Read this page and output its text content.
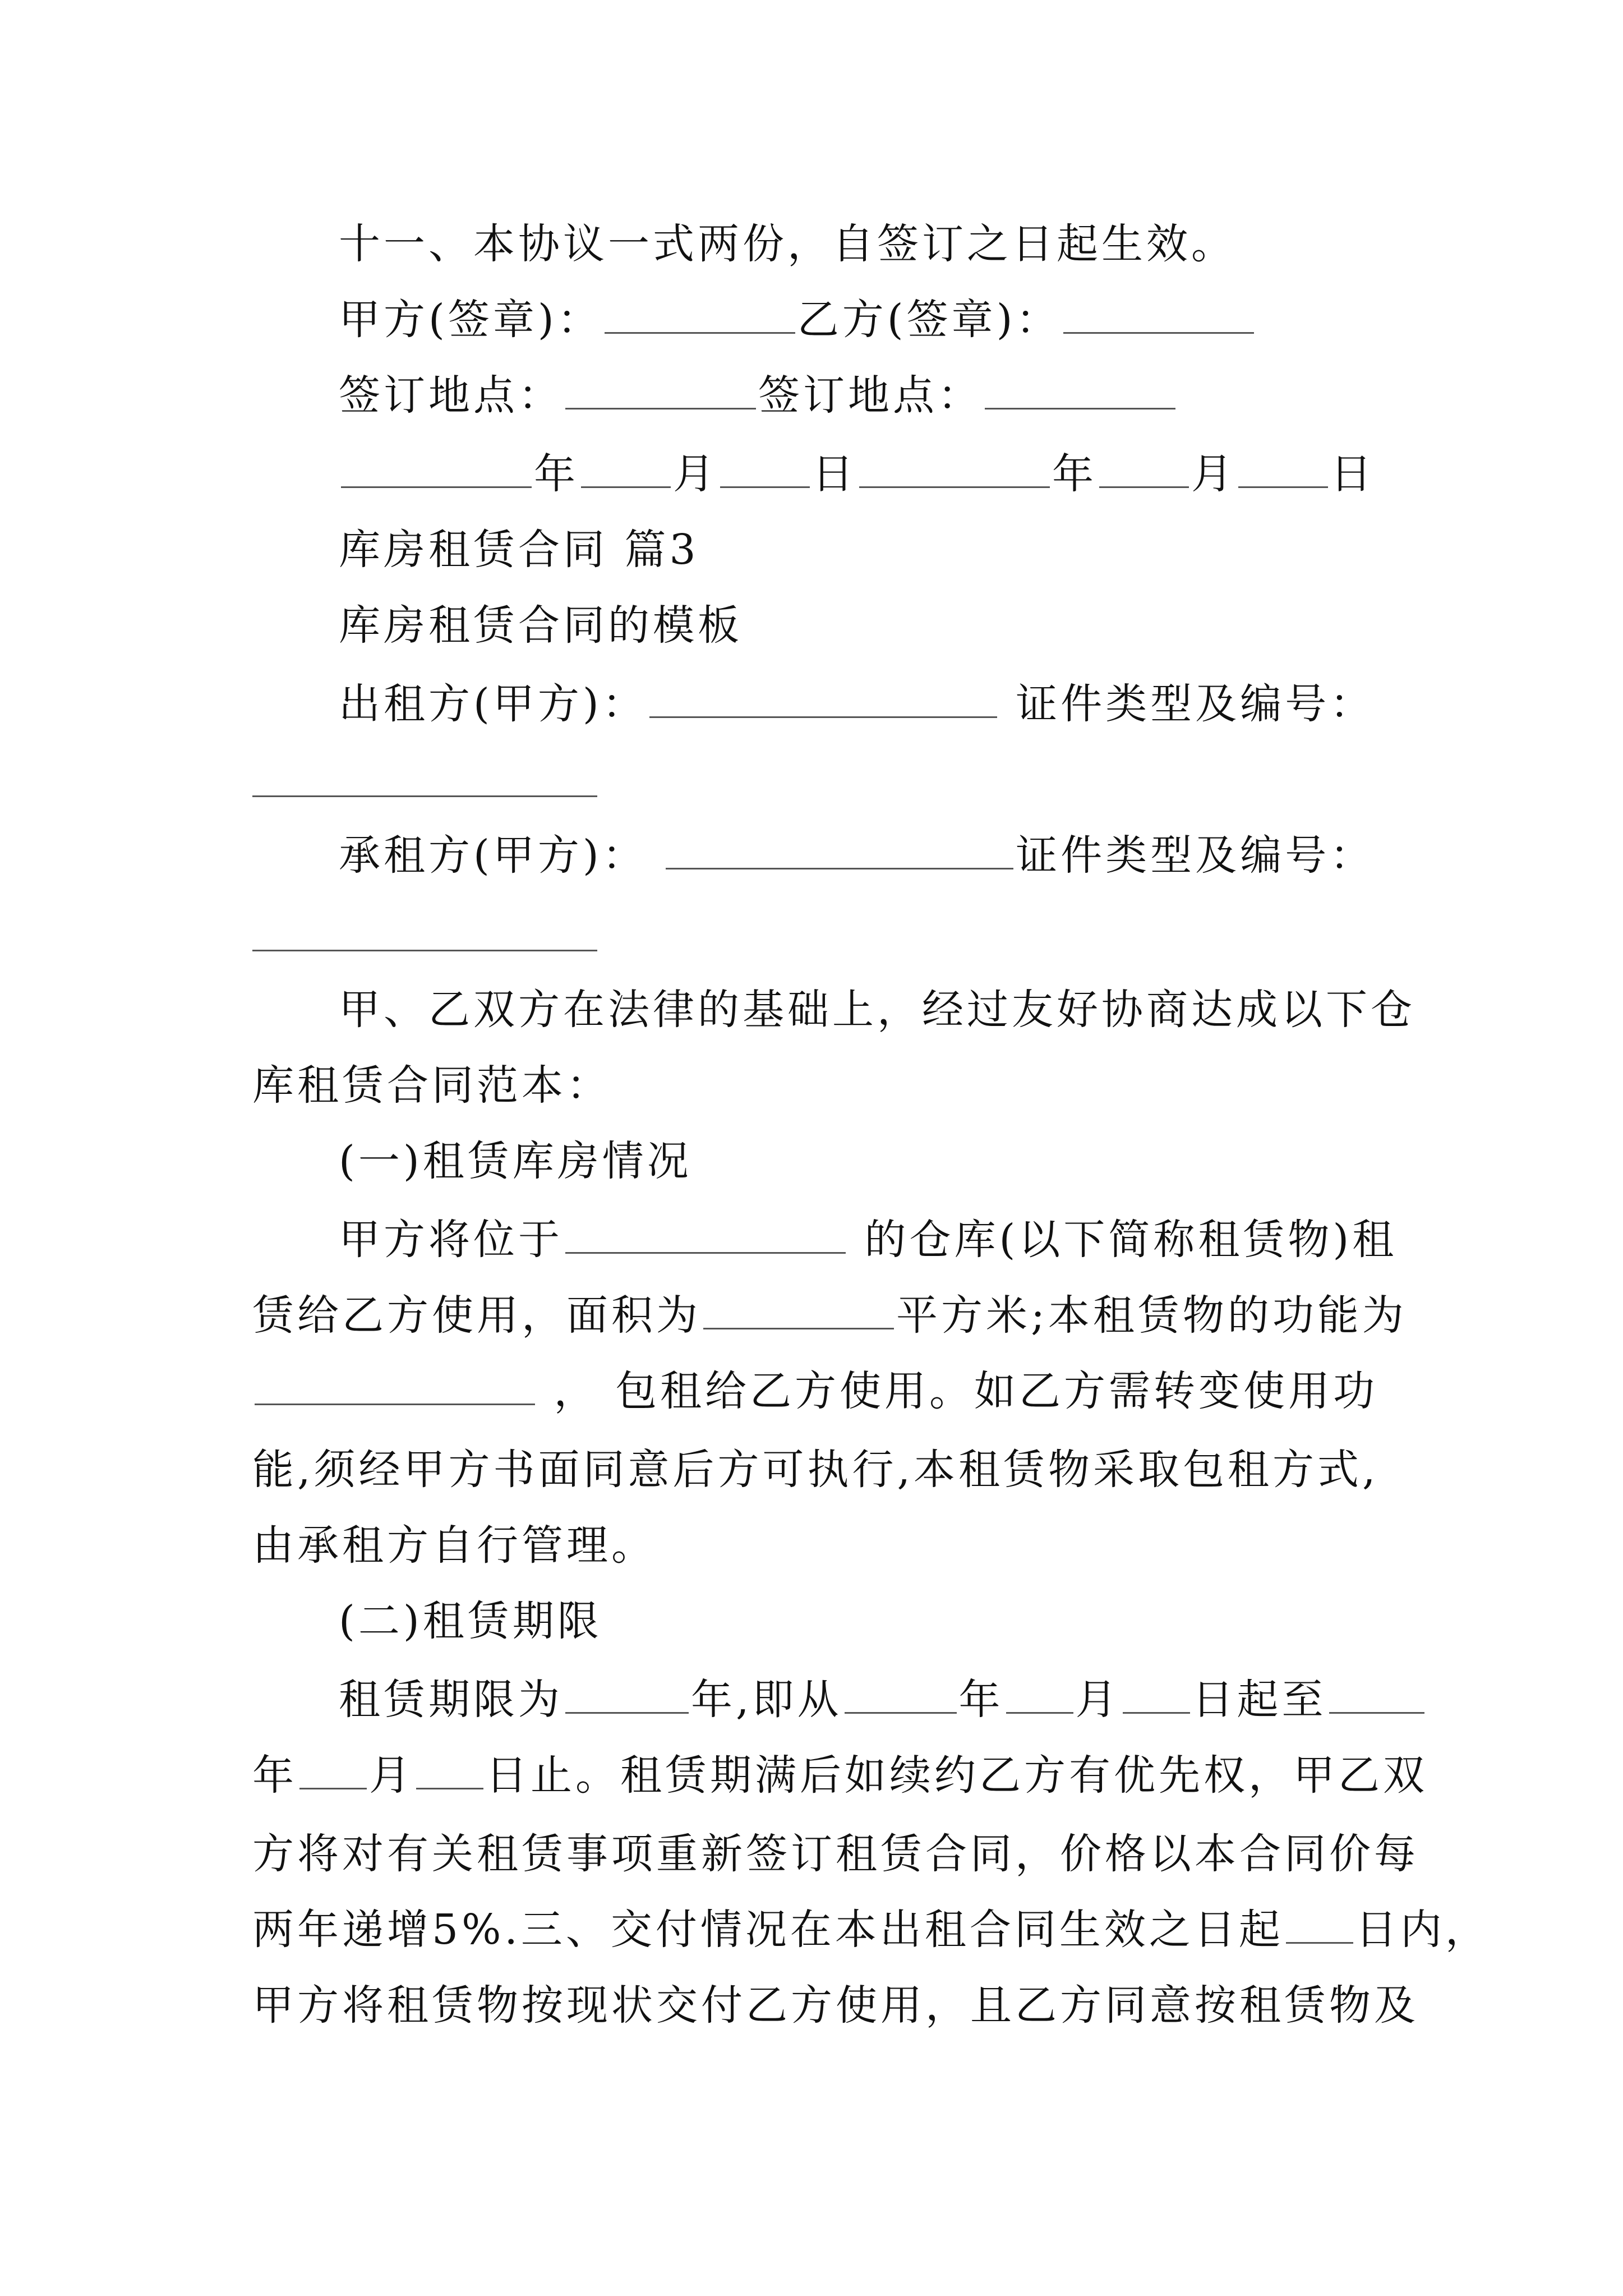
十一、本协议一式两份，自签订之日起生效。
甲方(签章)：	乙方(签章)：
签订地点：	签订地点：
年 月 日	年 月 日
库房租赁合同 篇3
库房租赁合同的模板
出租方(甲方)：	证件类型及编号：
承租方(甲方)：	证件类型及编号：
甲、乙双方在法律的基础上，经过友好协商达成以下仓
库租赁合同范本：
(一)租赁库房情况
甲方将位于	的仓库(以下简称租赁物)租
赁给乙方使用，面积为	平方米;本租赁物的功能为
， 包租给乙方使用。如乙方需转变使用功
能,须经甲方书面同意后方可执行,本租赁物采取包租方式,
由承租方自行管理。
(二)租赁期限
租赁期限为	年,即从	年 月 日起至
年 月 日止。租赁期满后如续约乙方有优先权，甲乙双
方将对有关租赁事项重新签订租赁合同，价格以本合同价每
两年递增5%.三、交付情况在本出租合同生效之日起 日内，
甲方将租赁物按现状交付乙方使用，且乙方同意按租赁物及
